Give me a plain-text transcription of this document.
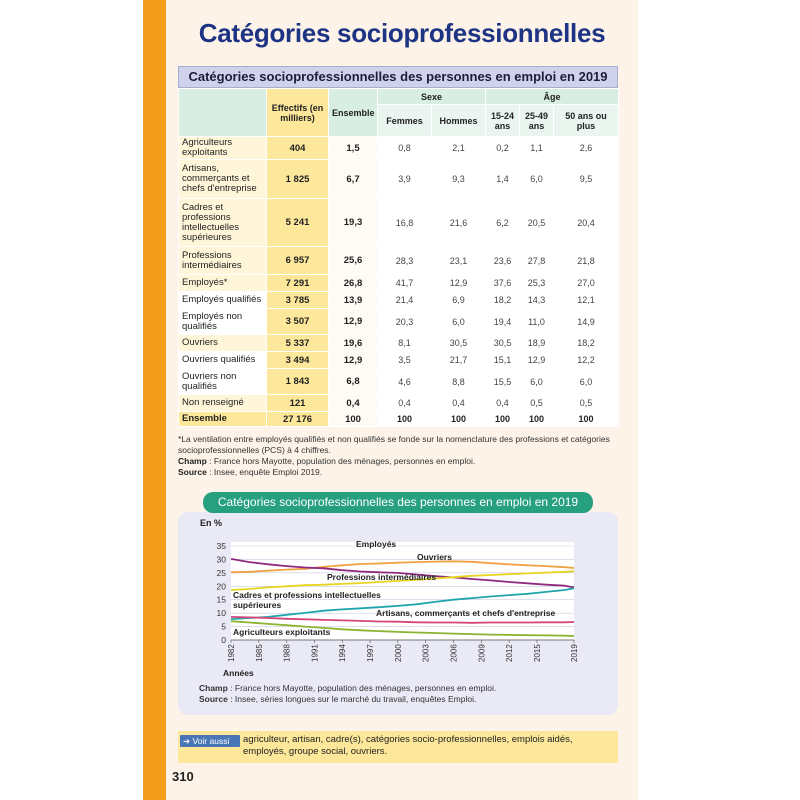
Catégories socioprofessionnelles
Catégories socioprofessionnelles des personnes en emploi en 2019
	Effectifs (en milliers)	Ensemble	Sexe		Âge		
			Femmes	Hommes	15-24 ans	25-49 ans	50 ans ou plus
Agriculteurs exploitants	404	1,5	0,8	2,1	0,2	1,1	2,6
Artisans, commerçants et chefs d'entreprise	1 825	6,7	3,9	9,3	1,4	6,0	9,5
Cadres et professions intellectuelles supérieures	5 241	19,3	16,8	21,6	6,2	20,5	20,4
Professions intermédiaires	6 957	25,6	28,3	23,1	23,6	27,8	21,8
Employés*	7 291	26,8	41,7	12,9	37,6	25,3	27,0
Employés qualifiés	3 785	13,9	21,4	6,9	18,2	14,3	12,1
Employés non qualifiés	3 507	12,9	20,3	6,0	19,4	11,0	14,9
Ouvriers	5 337	19,6	8,1	30,5	30,5	18,9	18,2
Ouvriers qualifiés	3 494	12,9	3,5	21,7	15,1	12,9	12,2
Ouvriers non qualifiés	1 843	6,8	4,6	8,8	15,5	6,0	6,0
Non renseigné	121	0,4	0,4	0,4	0,4	0,5	0,5
Ensemble	27 176	100	100	100	100	100	100
*La ventilation entre employés qualifiés et non qualifiés se fonde sur la nomenclature des professions et catégories socioprofessionnelles (PCS) à 4 chiffres.
Champ : France hors Mayotte, population des ménages, personnes en emploi.
Source : Insee, enquête Emploi 2019.
Catégories socioprofessionnelles des personnes en emploi en 2019
0
5
10
15
20
25
30
35
1982 1985 1988 1991 1994 1997 2000 2003 2006 2009 2012 2015	2019
En %
Années
Employés
Ouvriers
Professions intermédiaires
Cadres et professions intellectuelles
supérieures
Artisans, commerçants et chefs d'entreprise
Agriculteurs exploitants
Champ : France hors Mayotte, population des ménages, personnes en emploi.
Source : Insee, séries longues sur le marché du travail, enquêtes Emploi.
➜ Voir aussi	agriculteur, artisan, cadre(s), catégories socio-professionnelles, emplois aidés, employés, groupe social, ouvriers.
310
